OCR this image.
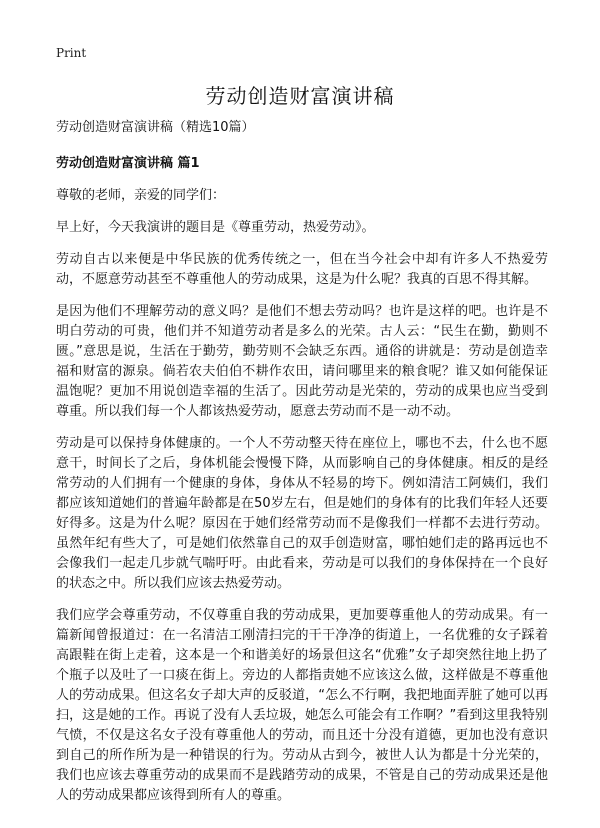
Print
劳动创造财富演讲稿

劳动创造财富演讲稿（精选10篇）

劳动创造财富演讲稿 篇1

尊敬的老师，亲爱的同学们：

早上好，今天我演讲的题目是《尊重劳动，热爱劳动》。

劳动自古以来便是中华民族的优秀传统之一，但在当今社会中却有许多人不热爱劳动，不愿意劳动甚至不尊重他人的劳动成果，这是为什么呢？我真的百思不得其解。

是因为他们不理解劳动的意义吗？是他们不想去劳动吗？也许是这样的吧。也许是不明白劳动的可贵，他们并不知道劳动者是多么的光荣。古人云：“民生在勤，勤则不匮。”意思是说，生活在于勤劳，勤劳则不会缺乏东西。通俗的讲就是：劳动是创造幸福和财富的源泉。倘若农夫伯伯不耕作农田，请问哪里来的粮食呢？谁又如何能保证温饱呢？更加不用说创造幸福的生活了。因此劳动是光荣的，劳动的成果也应当受到尊重。所以我们每一个人都该热爱劳动，愿意去劳动而不是一动不动。

劳动是可以保持身体健康的。一个人不劳动整天待在座位上，哪也不去，什么也不愿意干，时间长了之后，身体机能会慢慢下降，从而影响自己的身体健康。相反的是经常劳动的人们拥有一个健康的身体，身体从不轻易的垮下。例如清洁工阿姨们，我们都应该知道她们的普遍年龄都是在50岁左右，但是她们的身体有的比我们年轻人还要好得多。这是为什么呢？原因在于她们经常劳动而不是像我们一样都不去进行劳动。虽然年纪有些大了，可是她们依然靠自己的双手创造财富，哪怕她们走的路再远也不会像我们一起走几步就气喘吁吁。由此看来，劳动是可以我们的身体保持在一个良好的状态之中。所以我们应该去热爱劳动。

我们应学会尊重劳动，不仅尊重自我的劳动成果，更加要尊重他人的劳动成果。有一篇新闻曾报道过：在一名清洁工刚清扫完的干干净净的街道上，一名优雅的女子踩着高跟鞋在街上走着，这本是一个和谐美好的场景但这名“优雅”女子却突然往地上扔了个瓶子以及吐了一口痰在街上。旁边的人都指责她不应该这么做，这样做是不尊重他人的劳动成果。但这名女子却大声的反驳道，“怎么不行啊，我把地面弄脏了她可以再扫，这是她的工作。再说了没有人丢垃圾，她怎么可能会有工作啊？”看到这里我特别气愤，不仅是这名女子没有尊重他人的劳动，而且还十分没有道德，更加也没有意识到自己的所作所为是一种错误的行为。劳动从古到今，被世人认为都是十分光荣的，我们也应该去尊重劳动的成果而不是践踏劳动的成果，不管是自己的劳动成果还是他人的劳动成果都应该得到所有人的尊重。
